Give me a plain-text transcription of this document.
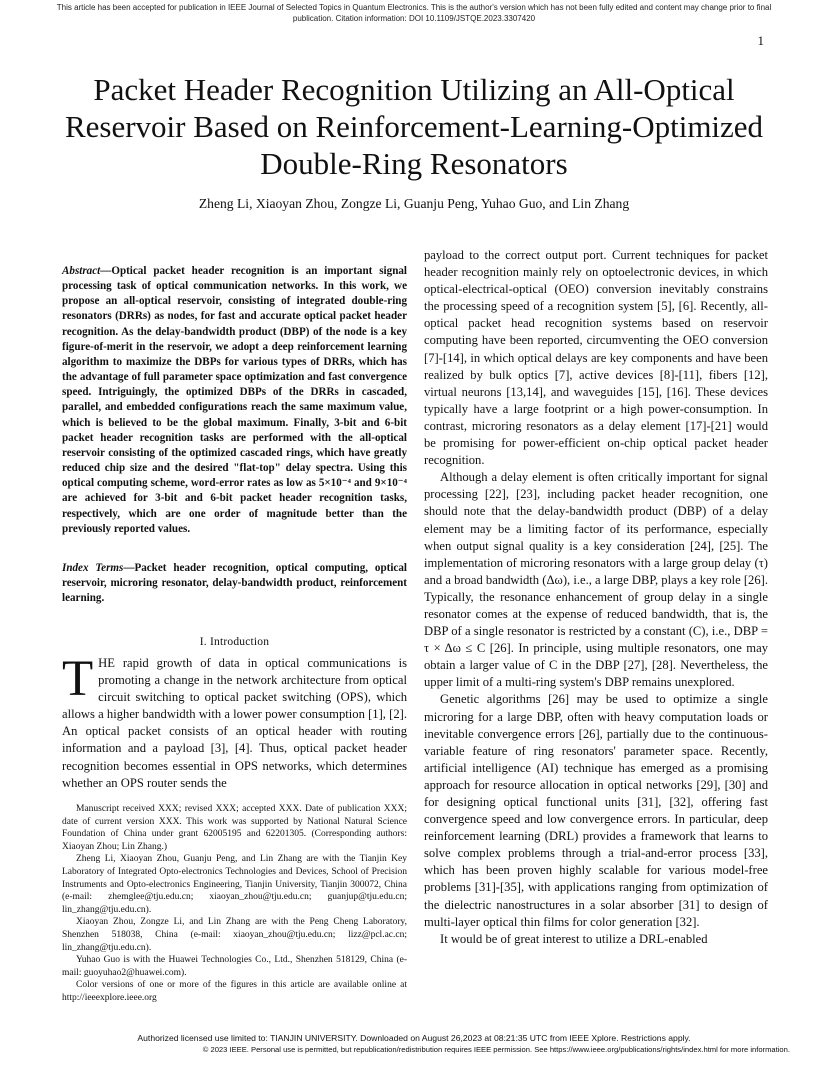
This article has been accepted for publication in IEEE Journal of Selected Topics in Quantum Electronics. This is the author's version which has not been fully edited and content may change prior to final publication. Citation information: DOI 10.1109/JSTQE.2023.3307420
1
Packet Header Recognition Utilizing an All-Optical Reservoir Based on Reinforcement-Learning-Optimized Double-Ring Resonators
Zheng Li, Xiaoyan Zhou, Zongze Li, Guanju Peng, Yuhao Guo, and Lin Zhang

Abstract—Optical packet header recognition is an important signal processing task of optical communication networks. In this work, we propose an all-optical reservoir, consisting of integrated double-ring resonators (DRRs) as nodes, for fast and accurate optical packet header recognition. As the delay-bandwidth product (DBP) of the node is a key figure-of-merit in the reservoir, we adopt a deep reinforcement learning algorithm to maximize the DBPs for various types of DRRs, which has the advantage of full parameter space optimization and fast convergence speed. Intriguingly, the optimized DBPs of the DRRs in cascaded, parallel, and embedded configurations reach the same maximum value, which is believed to be the global maximum. Finally, 3-bit and 6-bit packet header recognition tasks are performed with the all-optical reservoir consisting of the optimized cascaded rings, which have greatly reduced chip size and the desired "flat-top" delay spectra. Using this optical computing scheme, word-error rates as low as 5×10⁻⁴ and 9×10⁻⁴ are achieved for 3-bit and 6-bit packet header recognition tasks, respectively, which are one order of magnitude better than the previously reported values.

Index Terms—Packet header recognition, optical computing, optical reservoir, microring resonator, delay-bandwidth product, reinforcement learning.

I. Introduction

THE rapid growth of data in optical communications is promoting a change in the network architecture from optical circuit switching to optical packet switching (OPS), which allows a higher bandwidth with a lower power consumption [1], [2]. An optical packet consists of an optical header with routing information and a payload [3], [4]. Thus, optical packet header recognition becomes essential in OPS networks, which determines whether an OPS router sends the

Manuscript received XXX; revised XXX; accepted XXX. Date of publication XXX; date of current version XXX. This work was supported by National Natural Science Foundation of China under grant 62005195 and 62201305. (Corresponding authors: Xiaoyan Zhou; Lin Zhang.)

Zheng Li, Xiaoyan Zhou, Guanju Peng, and Lin Zhang are with the Tianjin Key Laboratory of Integrated Opto-electronics Technologies and Devices, School of Precision Instruments and Opto-electronics Engineering, Tianjin University, Tianjin 300072, China (e-mail: zhemglee@tju.edu.cn; xiaoyan_zhou@tju.edu.cn; guanjup@tju.edu.cn; lin_zhang@tju.edu.cn).

Xiaoyan Zhou, Zongze Li, and Lin Zhang are with the Peng Cheng Laboratory, Shenzhen 518038, China (e-mail: xiaoyan_zhou@tju.edu.cn; lizz@pcl.ac.cn; lin_zhang@tju.edu.cn).

Yuhao Guo is with the Huawei Technologies Co., Ltd., Shenzhen 518129, China (e-mail: guoyuhao2@huawei.com).

Color versions of one or more of the figures in this article are available online at http://ieeexplore.ieee.org

payload to the correct output port. Current techniques for packet header recognition mainly rely on optoelectronic devices, in which optical-electrical-optical (OEO) conversion inevitably constrains the processing speed of a recognition system [5], [6]. Recently, all-optical packet head recognition systems based on reservoir computing have been reported, circumventing the OEO conversion [7]-[14], in which optical delays are key components and have been realized by bulk optics [7], active devices [8]-[11], fibers [12], virtual neurons [13,14], and waveguides [15], [16]. These devices typically have a large footprint or a high power-consumption. In contrast, microring resonators as a delay element [17]-[21] would be promising for power-efficient on-chip optical packet header recognition.

Although a delay element is often critically important for signal processing [22], [23], including packet header recognition, one should note that the delay-bandwidth product (DBP) of a delay element may be a limiting factor of its performance, especially when output signal quality is a key consideration [24], [25]. The implementation of microring resonators with a large group delay (τ) and a broad bandwidth (Δω), i.e., a large DBP, plays a key role [26]. Typically, the resonance enhancement of group delay in a single resonator comes at the expense of reduced bandwidth, that is, the DBP of a single resonator is restricted by a constant (C), i.e., DBP = τ × Δω ≤ C [26]. In principle, using multiple resonators, one may obtain a larger value of C in the DBP [27], [28]. Nevertheless, the upper limit of a multi-ring system's DBP remains unexplored.

Genetic algorithms [26] may be used to optimize a single microring for a large DBP, often with heavy computation loads or inevitable convergence errors [26], partially due to the continuous-variable feature of ring resonators' parameter space. Recently, artificial intelligence (AI) technique has emerged as a promising approach for resource allocation in optical networks [29], [30] and for designing optical functional units [31], [32], offering fast convergence speed and low convergence errors. In particular, deep reinforcement learning (DRL) provides a framework that learns to solve complex problems through a trial-and-error process [33], which has been proven highly scalable for various model-free problems [31]-[35], with applications ranging from optimization of the dielectric nanostructures in a solar absorber [31] to design of multi-layer optical thin films for color generation [32].

It would be of great interest to utilize a DRL-enabled

Authorized licensed use limited to: TIANJIN UNIVERSITY. Downloaded on August 26,2023 at 08:21:35 UTC from IEEE Xplore. Restrictions apply.
© 2023 IEEE. Personal use is permitted, but republication/redistribution requires IEEE permission. See https://www.ieee.org/publications/rights/index.html for more information.
